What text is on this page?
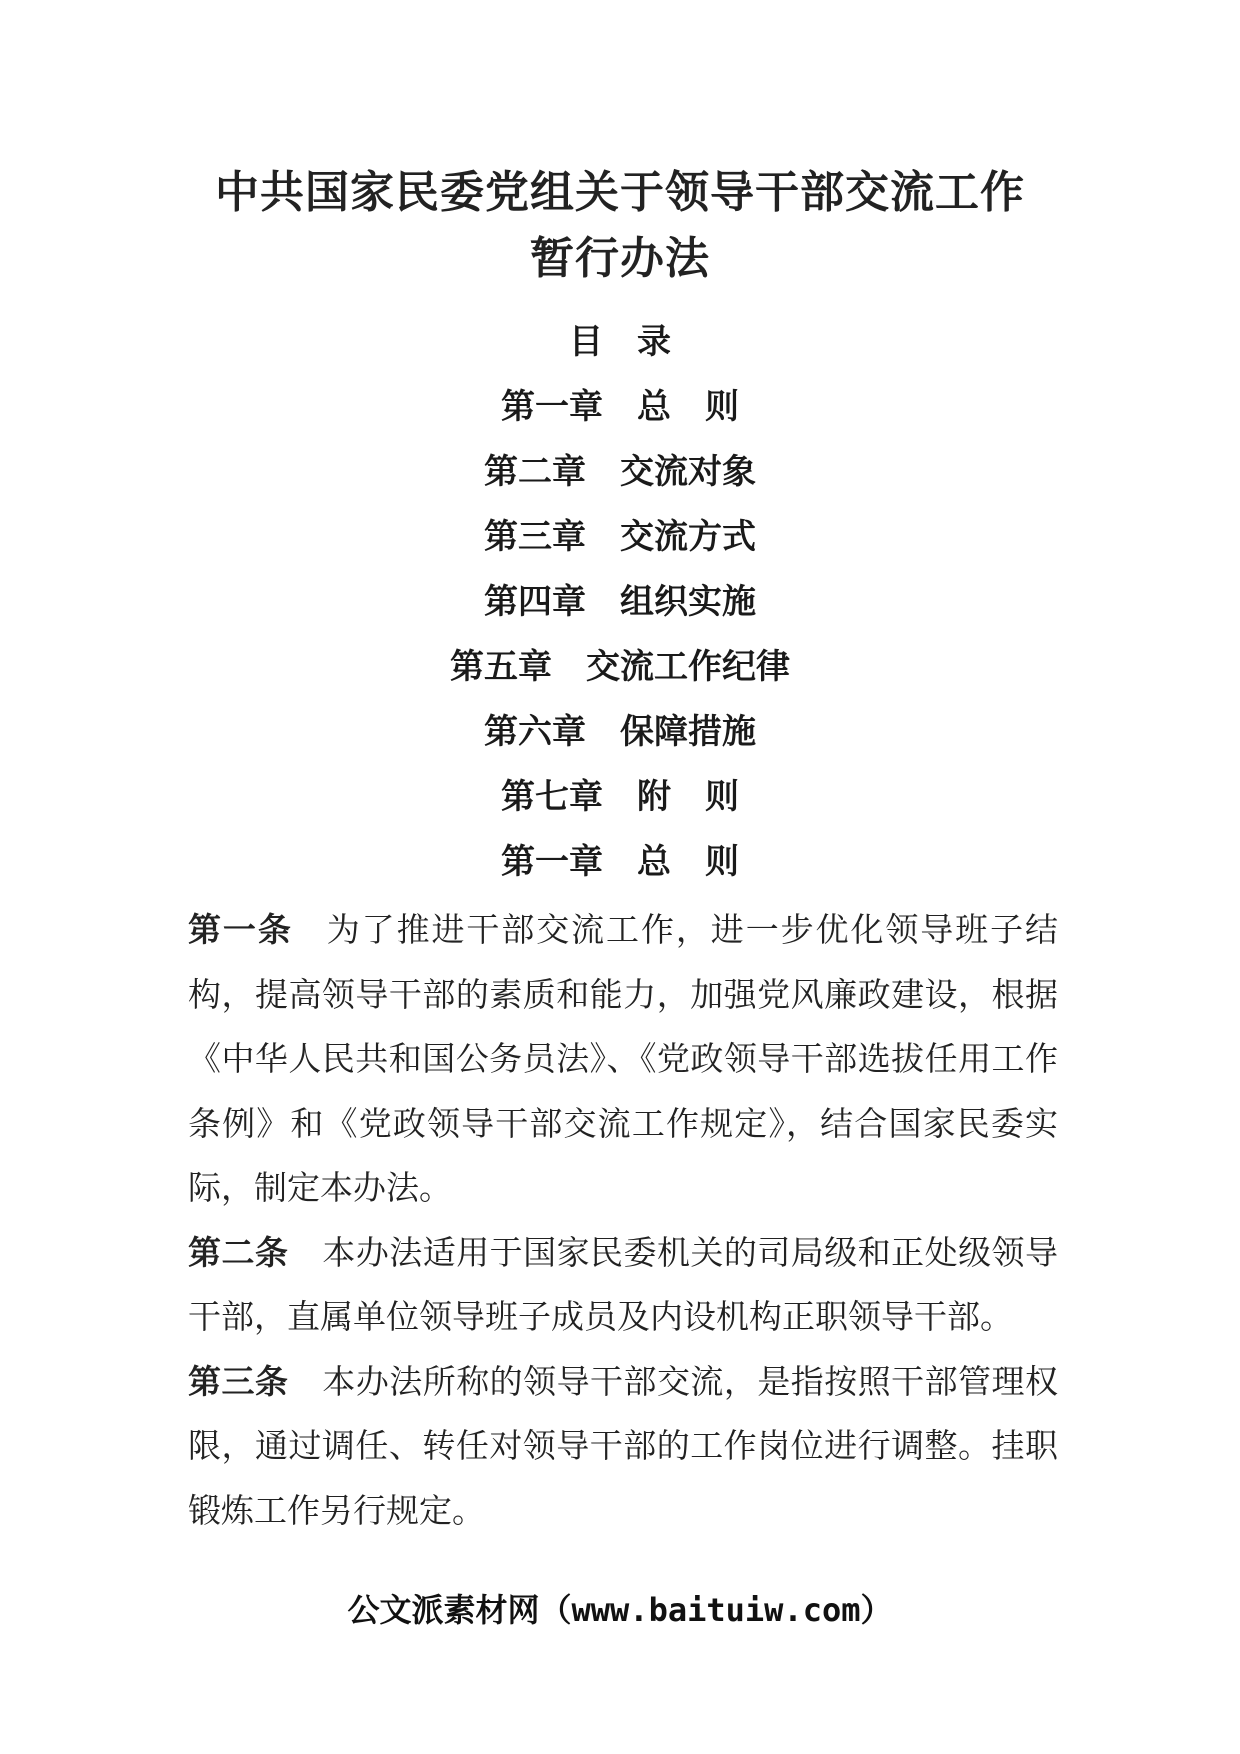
中共国家民委党组关于领导干部交流工作
暂行办法
目　录
第一章　总　则
第二章　交流对象
第三章　交流方式
第四章　组织实施
第五章　交流工作纪律
第六章　保障措施
第七章　附　则
第一章　总　则

第一条 为了推进干部交流工作，进一步优化领导班子结构，提高领导干部的素质和能力，加强党风廉政建设，根据《中华人民共和国公务员法》、《党政领导干部选拔任用工作条例》和《党政领导干部交流工作规定》，结合国家民委实际，制定本办法。

第二条 本办法适用于国家民委机关的司局级和正处级领导干部，直属单位领导班子成员及内设机构正职领导干部。

第三条 本办法所称的领导干部交流，是指按照干部管理权限，通过调任、转任对领导干部的工作岗位进行调整。挂职锻炼工作另行规定。

公文派素材网（www.baituiw.com）
